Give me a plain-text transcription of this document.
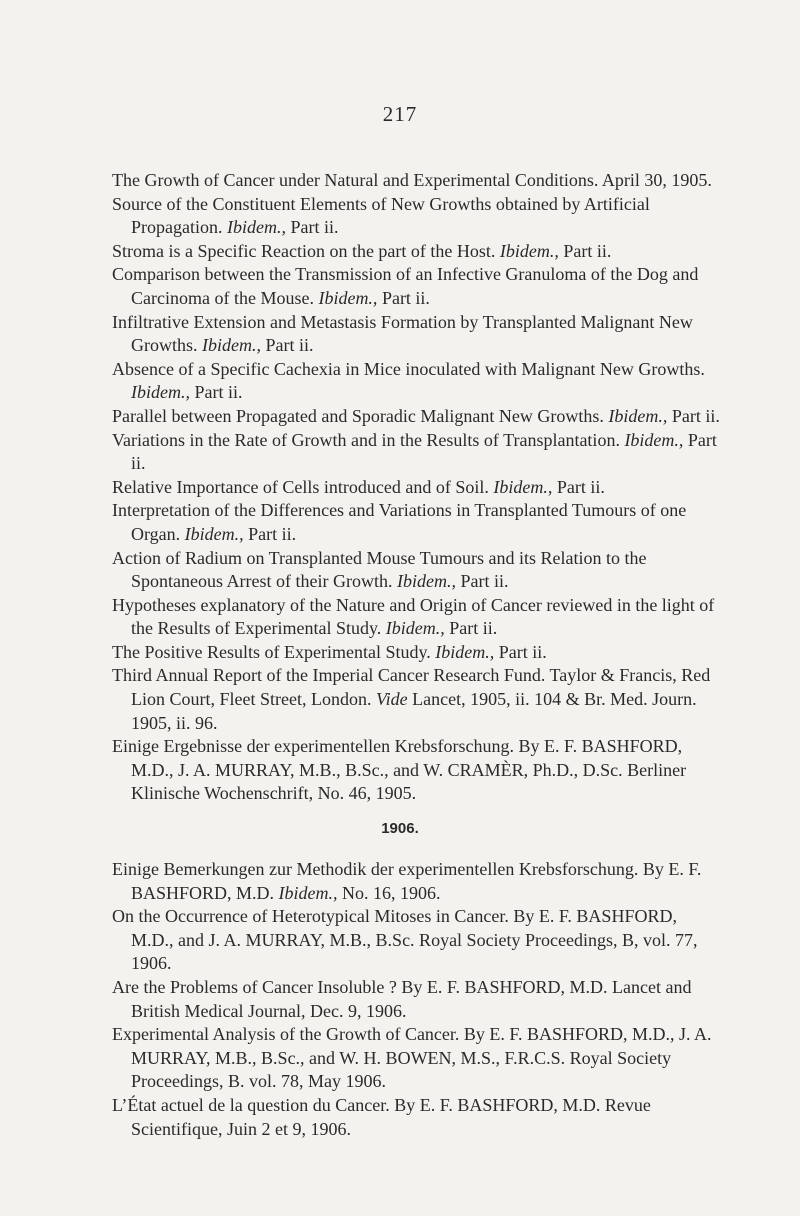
217

The Growth of Cancer under Natural and Experimental Conditions. April 30, 1905.

Source of the Constituent Elements of New Growths obtained by Artificial Propagation. Ibidem., Part ii.

Stroma is a Specific Reaction on the part of the Host. Ibidem., Part ii.

Comparison between the Transmission of an Infective Granuloma of the Dog and Carcinoma of the Mouse. Ibidem., Part ii.

Infiltrative Extension and Metastasis Formation by Transplanted Malignant New Growths. Ibidem., Part ii.

Absence of a Specific Cachexia in Mice inoculated with Malignant New Growths. Ibidem., Part ii.

Parallel between Propagated and Sporadic Malignant New Growths. Ibidem., Part ii.

Variations in the Rate of Growth and in the Results of Transplantation. Ibidem., Part ii.

Relative Importance of Cells introduced and of Soil. Ibidem., Part ii.

Interpretation of the Differences and Variations in Transplanted Tumours of one Organ. Ibidem., Part ii.

Action of Radium on Transplanted Mouse Tumours and its Relation to the Spontaneous Arrest of their Growth. Ibidem., Part ii.

Hypotheses explanatory of the Nature and Origin of Cancer reviewed in the light of the Results of Experimental Study. Ibidem., Part ii.

The Positive Results of Experimental Study. Ibidem., Part ii.

Third Annual Report of the Imperial Cancer Research Fund. Taylor & Francis, Red Lion Court, Fleet Street, London. Vide Lancet, 1905, ii. 104 & Br. Med. Journ. 1905, ii. 96.

Einige Ergebnisse der experimentellen Krebsforschung. By E. F. BASHFORD, M.D., J. A. MURRAY, M.B., B.Sc., and W. CRAMÈR, Ph.D., D.Sc. Berliner Klinische Wochenschrift, No. 46, 1905.

1906.

Einige Bemerkungen zur Methodik der experimentellen Krebsforschung. By E. F. BASHFORD, M.D. Ibidem., No. 16, 1906.

On the Occurrence of Heterotypical Mitoses in Cancer. By E. F. BASHFORD, M.D., and J. A. MURRAY, M.B., B.Sc. Royal Society Proceedings, B, vol. 77, 1906.

Are the Problems of Cancer Insoluble ? By E. F. BASHFORD, M.D. Lancet and British Medical Journal, Dec. 9, 1906.

Experimental Analysis of the Growth of Cancer. By E. F. BASHFORD, M.D., J. A. MURRAY, M.B., B.Sc., and W. H. BOWEN, M.S., F.R.C.S. Royal Society Proceedings, B. vol. 78, May 1906.

L’État actuel de la question du Cancer. By E. F. BASHFORD, M.D. Revue Scientifique, Juin 2 et 9, 1906.
